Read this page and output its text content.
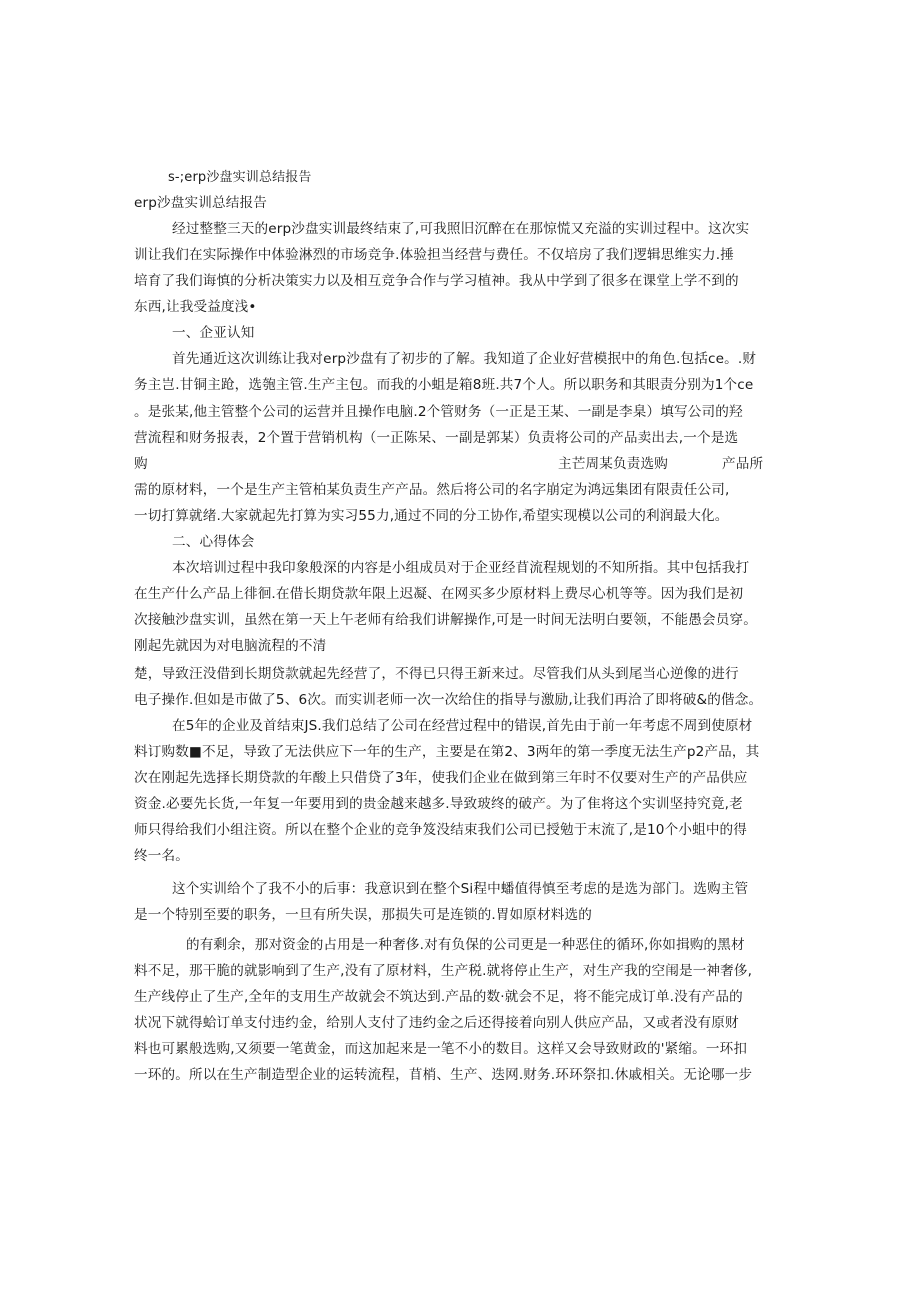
s-;erp沙盘实训总结报告
erp沙盘实训总结报告
经过整整三天的erp沙盘实训最终结束了,可我照旧沉醉在在那惊慌又充溢的实训过程中。这次实
训让我们在实际操作中体验淋烈的市场竞争.体验担当经营与费任。不仅培房了我们逻辑思维实力.捶
培育了我们诲慎的分析决策实力以及相互竞争合作与学习植神。我从中学到了很多在课堂上学不到的
东西,让我受益度浅•
一、企亚认知
首先通近这次训练让我对erp沙盘有了初步的了解。我知道了企业好营模抿中的角色.包括ce。.财
务主岂.甘铜主跄，选匏主管.生产主包。而我的小蛆是箱8班.共7个人。所以职务和其眼责分别为1个ce
。是张某,他主管整个公司的运营并且操作电脑.2个管财务（一正是王某、一副是李臬）填写公司的羟
营流程和财务报表，2个置于营销机构（一正陈呆、一副是郭某）负责将公司的产品卖出去,一个是选
购	主芒周某负责选购	产品所
需的原材料，一个是生产主管柏某负责生产产品。然后将公司的名字崩定为鸿远集团有限责任公司,
一切打算就绪.大家就起先打算为实习55力,通过不同的分工协作,希望实现模以公司的利润最大化。
二、心得体会
本次培训过程中我印象般深的内容是小组成员对于企亚经苜流程规划的不知所指。其中包括我打
在生产什么产品上徘徊.在借长期贷款年限上迟凝、在网买多少原材料上费尽心机等等。因为我们是初
次接触沙盘实训，虽然在第一天上午老师有给我们讲解操作,可是一时间无法明白要领，不能愚会员穿。
刚起先就因为对电脑流程的不清
楚，导致汪没借到长期贷款就起先经营了，不得已只得王新来过。尽管我们从头到尾当心逆像的进行
电子操作.但如是市做了5、6次。而实训老师一次一次给住的指导与激励,让我们再洽了即将破&的偕念。
在5年的企业及首结束JS.我们总结了公司在经营过程中的错误,首先由于前一年考虑不周到使原材
料订购数■不足，导致了无法供应下一年的生产，主要是在第2、3两年的第一季度无法生产p2产品，其
次在刚起先选择长期贷款的年酸上只借贷了3年，使我们企业在做到第三年时不仅要对生产的产品供应
资金.必要先长货,一年复一年要用到的贵金越来越多.导致玻终的破产。为了隹将这个实训坚持究竟,老
师只得给我们小组注资。所以在整个企业的竞争笈没结束我们公司已授勉于末流了,是10个小蛆中的得
终一名。
这个实训给个了我不小的后事：我意识到在整个Si程中蟠值得慎至考虑的是选为部门。选购主管
是一个特别至要的职务，一旦有所失误，那损失可是连锁的.胃如原材料选的
的有剩余，那对资金的占用是一种奢侈.对有负保的公司更是一种恶住的循环,你如揖购的黑材
料不足，那干脆的就影响到了生产,没有了原材料，生产税.就将停止生产，对生产我的空闱是一神奢侈,
生产线停止了生产,全年的支用生产故就会不筑达到.产品的数·就会不足，将不能完成订单.没有产品的
状况下就得蛤订单支付违约金，给别人支付了违约金之后还得接着向别人供应产品，又或者没有原财
料也可累般选购,又须要一笔黄金，而这加起来是一笔不小的数目。这样又会导致财政的'紧缩。一环扣
一环的。所以在生产制造型企业的运转流程，苜梢、生产、迭网.财务.环环祭扣.休戚相关。无论哪一步
